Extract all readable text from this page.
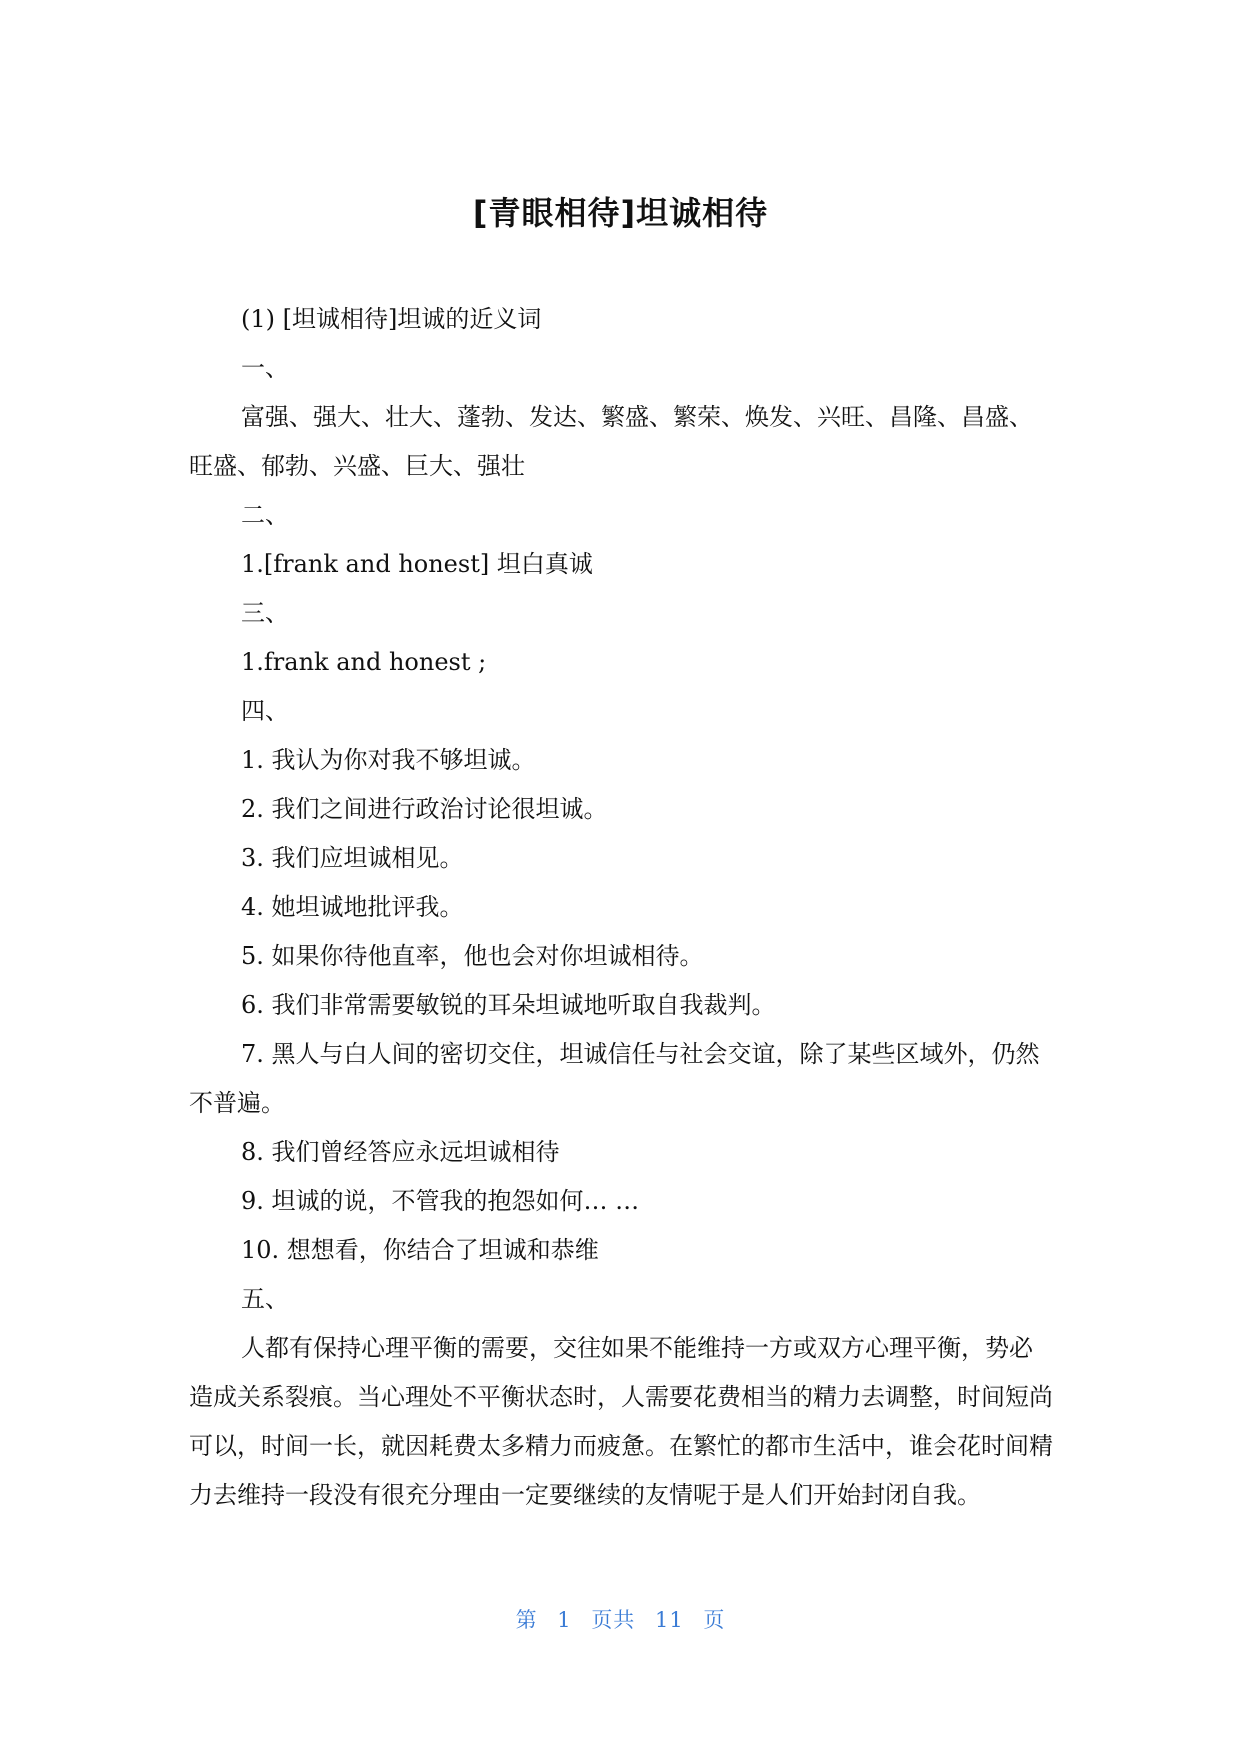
[青眼相待]坦诚相待

(1) [坦诚相待]坦诚的近义词

一、

富强、强大、壮大、蓬勃、发达、繁盛、繁荣、焕发、兴旺、昌隆、昌盛、旺盛、郁勃、兴盛、巨大、强壮

二、

1.[frank and honest] 坦白真诚

三、

1.frank and honest ;

四、

1. 我认为你对我不够坦诚。

2. 我们之间进行政治讨论很坦诚。

3. 我们应坦诚相见。

4. 她坦诚地批评我。

5. 如果你待他直率，他也会对你坦诚相待。

6. 我们非常需要敏锐的耳朵坦诚地听取自我裁判。

7. 黑人与白人间的密切交住，坦诚信任与社会交谊，除了某些区域外，仍然不普遍。

8. 我们曾经答应永远坦诚相待

9. 坦诚的说，不管我的抱怨如何… …

10. 想想看，你结合了坦诚和恭维

五、

人都有保持心理平衡的需要，交往如果不能维持一方或双方心理平衡，势必造成关系裂痕。当心理处不平衡状态时，人需要花费相当的精力去调整，时间短尚可以，时间一长，就因耗费太多精力而疲惫。在繁忙的都市生活中，谁会花时间精力去维持一段没有很充分理由一定要继续的友情呢于是人们开始封闭自我。

第 1 页共 11 页
